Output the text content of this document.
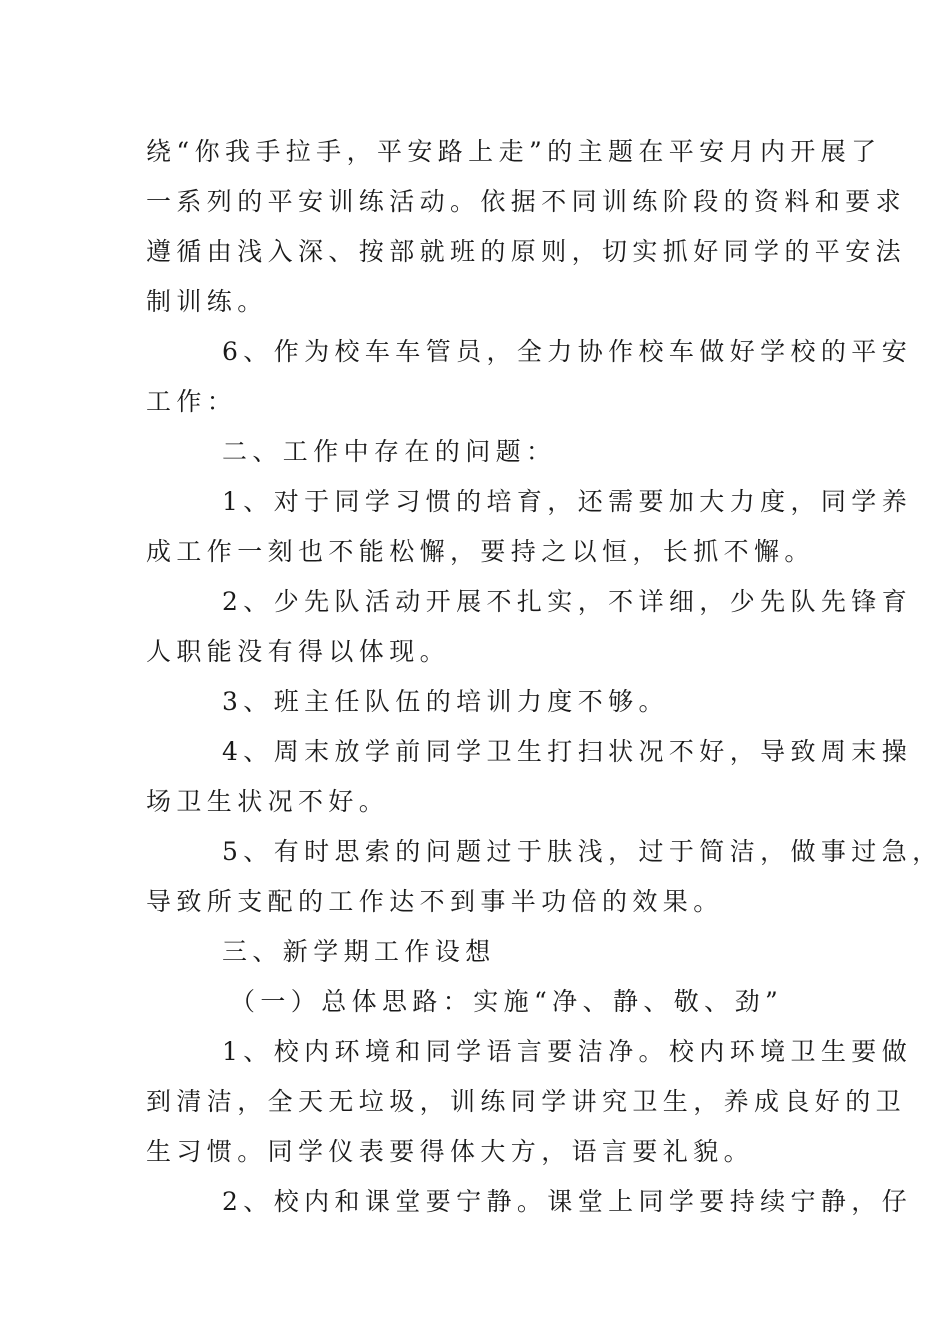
绕“你我手拉手，平安路上走”的主题在平安月内开展了
一系列的平安训练活动。依据不同训练阶段的资料和要求
遵循由浅入深、按部就班的原则，切实抓好同学的平安法
制训练。
6、作为校车车管员，全力协作校车做好学校的平安
工作：
二、工作中存在的问题：
1、对于同学习惯的培育，还需要加大力度，同学养
成工作一刻也不能松懈，要持之以恒，长抓不懈。
2、少先队活动开展不扎实，不详细，少先队先锋育
人职能没有得以体现。
3、班主任队伍的培训力度不够。
4、周末放学前同学卫生打扫状况不好，导致周末操
场卫生状况不好。
5、有时思索的问题过于肤浅，过于简洁，做事过急，
导致所支配的工作达不到事半功倍的效果。
三、新学期工作设想
（一）总体思路：实施“净、静、敬、劲”
1、校内环境和同学语言要洁净。校内环境卫生要做
到清洁，全天无垃圾，训练同学讲究卫生，养成良好的卫
生习惯。同学仪表要得体大方，语言要礼貌。
2、校内和课堂要宁静。课堂上同学要持续宁静，仔
